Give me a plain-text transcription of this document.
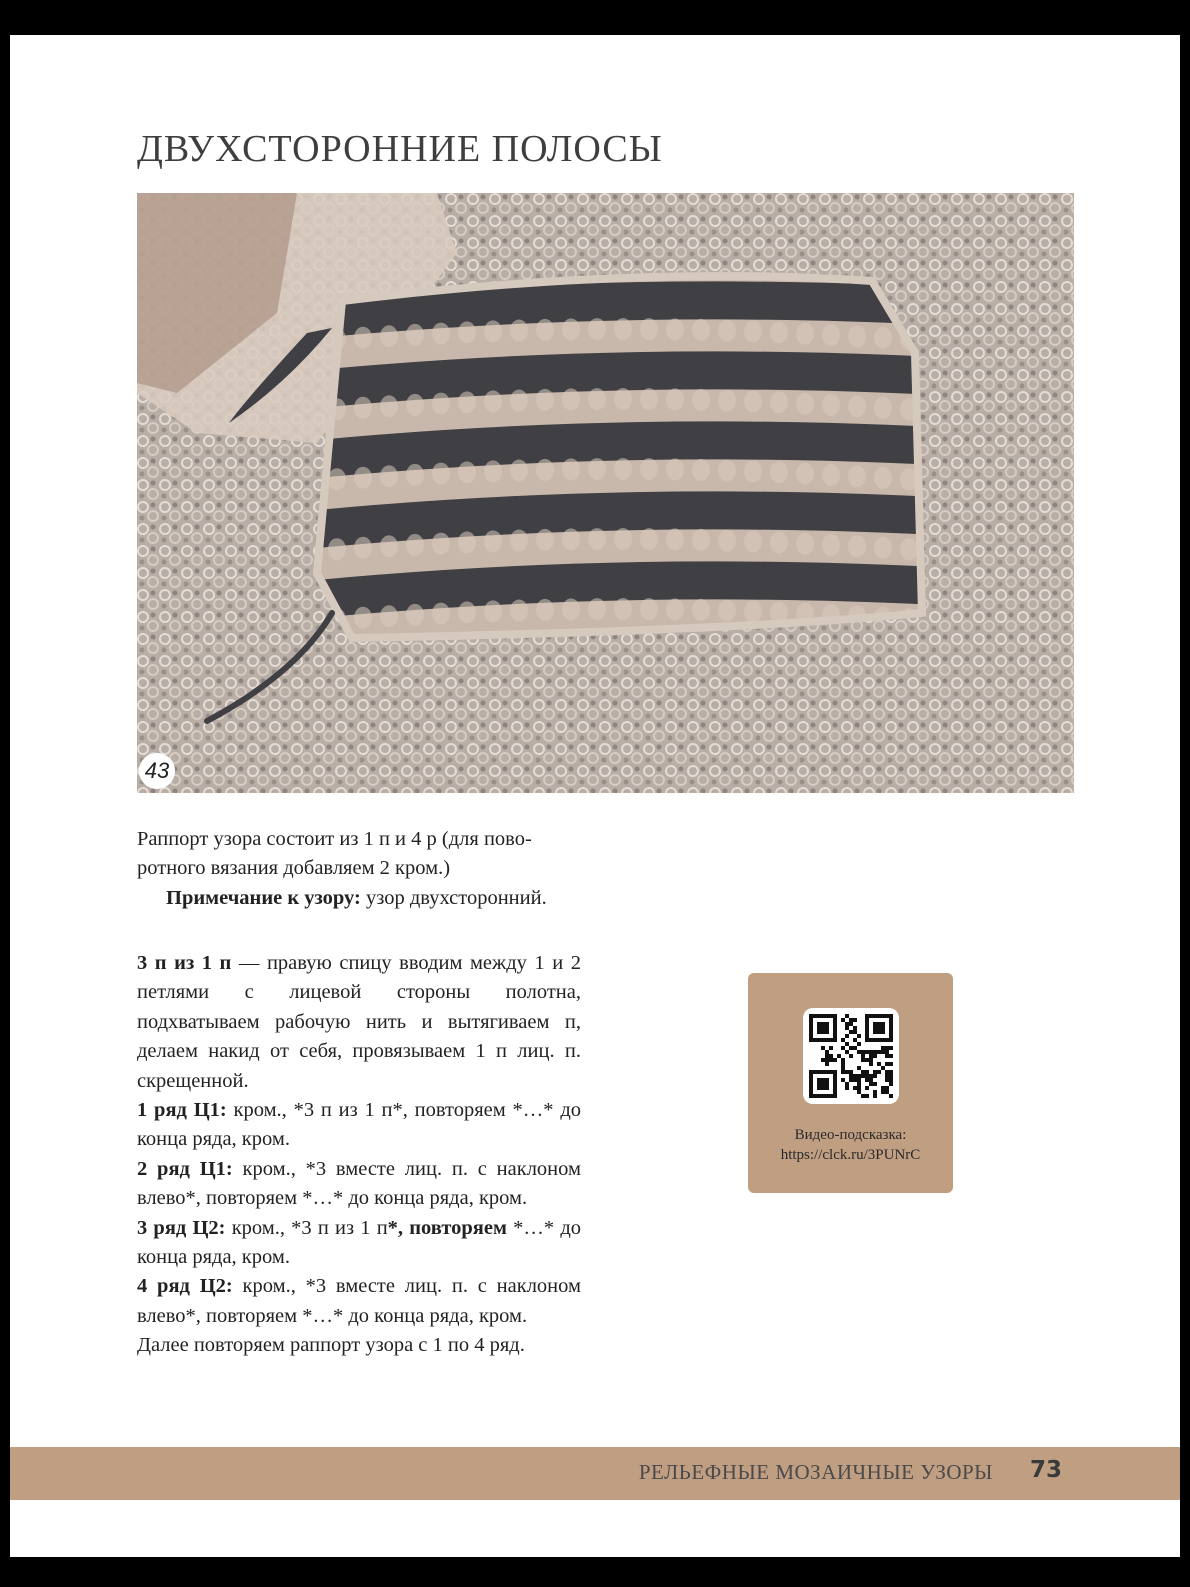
ДВУХСТОРОННИЕ ПОЛОСЫ
43

Раппорт узора состоит из 1 п и 4 р (для пово-

ротного вязания добавляем 2 кром.)

Примечание к узору: узор двухсторонний.

3 п из 1 п — правую спицу вводим между 1 и 2 петлями с лицевой стороны полотна, подхватываем рабочую нить и вытягиваем п, делаем накид от себя, провязываем 1 п лиц. п. скрещенной.

1 ряд Ц1: кром., *3 п из 1 п*, повторяем *…* до конца ряда, кром.

2 ряд Ц1: кром., *3 вместе лиц. п. с наклоном влево*, повторяем *…* до конца ряда, кром.

3 ряд Ц2: кром., *3 п из 1 п*, повторяем *…* до конца ряда, кром.

4 ряд Ц2: кром., *3 вместе лиц. п. с наклоном влево*, повторяем *…* до конца ряда, кром.

Далее повторяем раппорт узора с 1 по 4 ряд.

Видео-подсказка:
https://clck.ru/3PUNrC
РЕЛЬЕФНЫЕ МОЗАИЧНЫЕ УЗОРЫ 73
